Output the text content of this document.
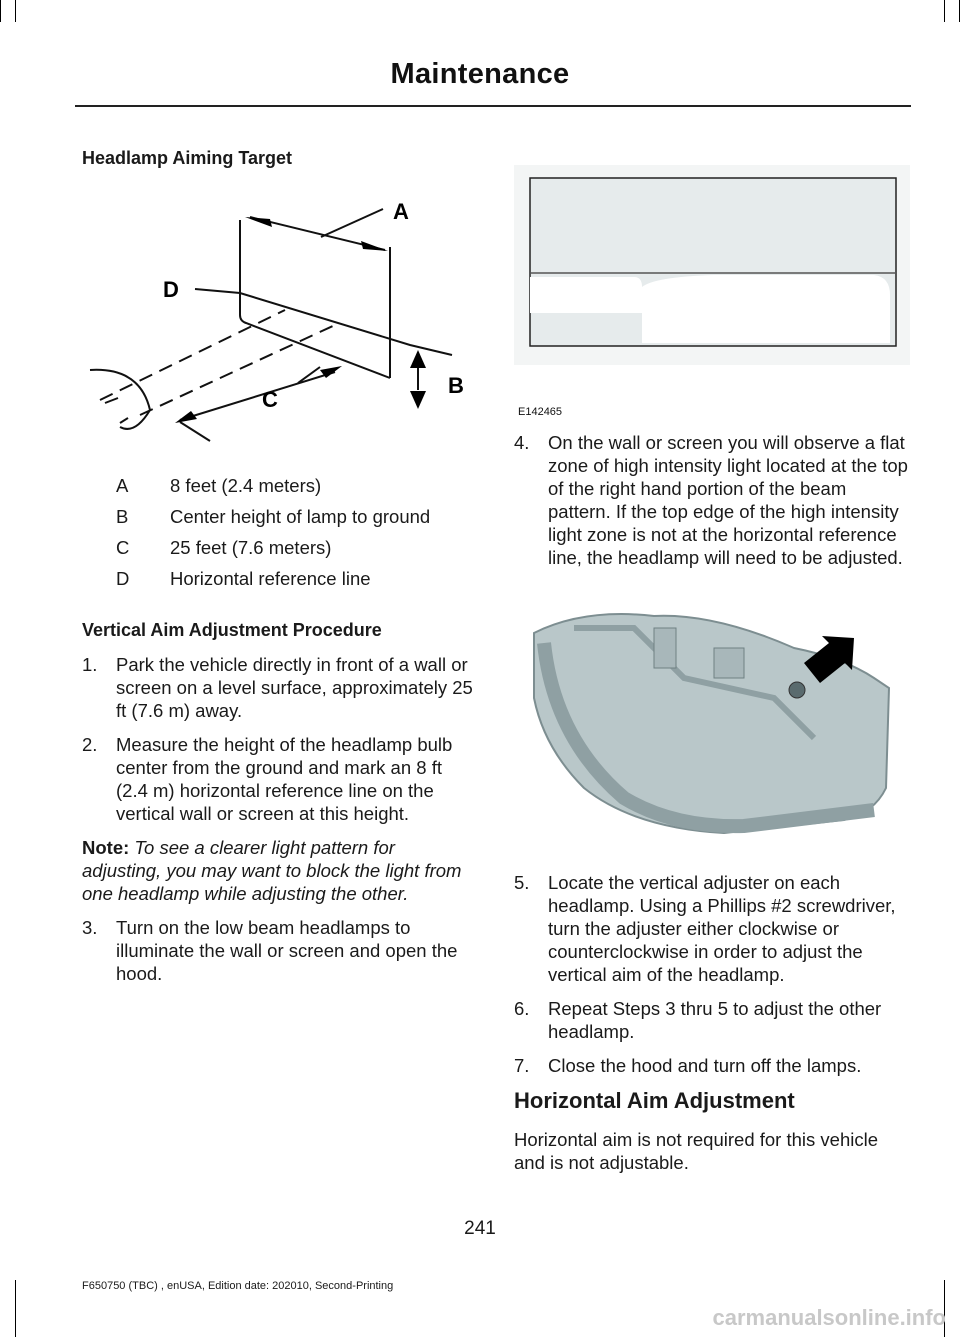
Maintenance
Headlamp Aiming Target
A
B
C
D
A	8 feet (2.4 meters)
B	Center height of lamp to ground
C	25 feet (7.6 meters)
D	Horizontal reference line
Vertical Aim Adjustment Procedure
1.	Park the vehicle directly in front of a wall or screen on a level surface, approximately 25 ft (7.6 m) away.
2.	Measure the height of the headlamp bulb center from the ground and mark an 8 ft (2.4 m) horizontal reference line on the vertical wall or screen at this height.

Note: To see a clearer light pattern for adjusting, you may want to block the light from one headlamp while adjusting the other.

3.	Turn on the low beam headlamps to illuminate the wall or screen and open the hood.
E142465
4.	On the wall or screen you will observe a flat zone of high intensity light located at the top of the right hand portion of the beam pattern. If the top edge of the high intensity light zone is not at the horizontal reference line, the headlamp will need to be adjusted.
5.	Locate the vertical adjuster on each headlamp. Using a Phillips #2 screwdriver, turn the adjuster either clockwise or counterclockwise in order to adjust the vertical aim of the headlamp.
6.	Repeat Steps 3 thru 5 to adjust the other headlamp.
7.	Close the hood and turn off the lamps.
Horizontal Aim Adjustment
Horizontal aim is not required for this vehicle and is not adjustable.
241
F650750 (TBC) , enUSA, Edition date: 202010, Second-Printing
carmanualsonline.info
